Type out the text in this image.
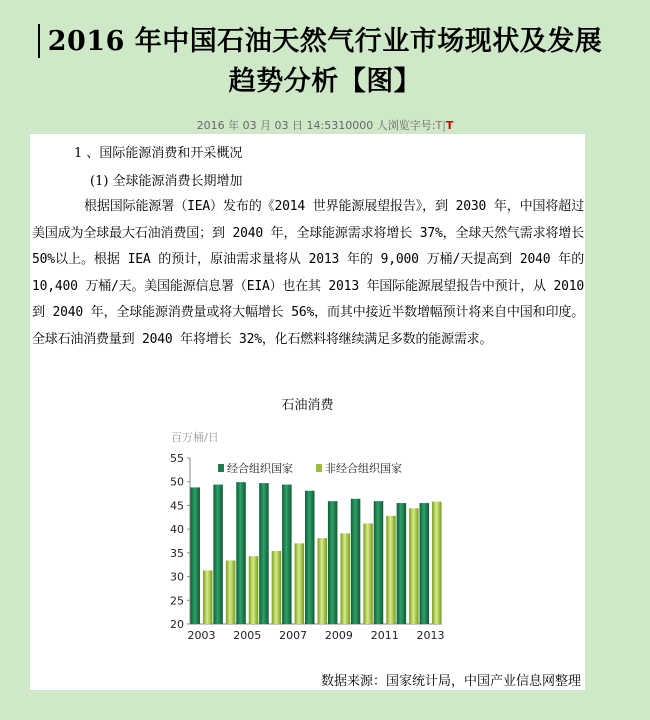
2016 年中国石油天然气行业市场现状及发展趋势分析【图】
2016 年 03 月 03 日 14:5310000 人浏览字号:T|T
1 、国际能源消费和开采概况
(1) 全球能源消费长期增加
根据国际能源署（IEA）发布的《2014 世界能源展望报告》，到 2030 年，中国将超过美国成为全球最大石油消费国；到 2040 年，全球能源需求将增长 37%，全球天然气需求将增长 50%以上。根据 IEA 的预计，原油需求量将从 2013 年的 9,000 万桶/天提高到 2040 年的 10,400 万桶/天。美国能源信息署（EIA）也在其 2013 年国际能源展望报告中预计，从 2010 到 2040 年，全球能源消费量或将大幅增长 56%，而其中接近半数增幅预计将来自中国和印度。全球石油消费量到 2040 年将增长 32%，化石燃料将继续满足多数的能源需求。
石油消费
百万桶/日
20
25
30
35
40
45
50
55
2003 2005 2007 2009 2011 2013
经合组织国家	非经合组织国家
数据来源：国家统计局，中国产业信息网整理
